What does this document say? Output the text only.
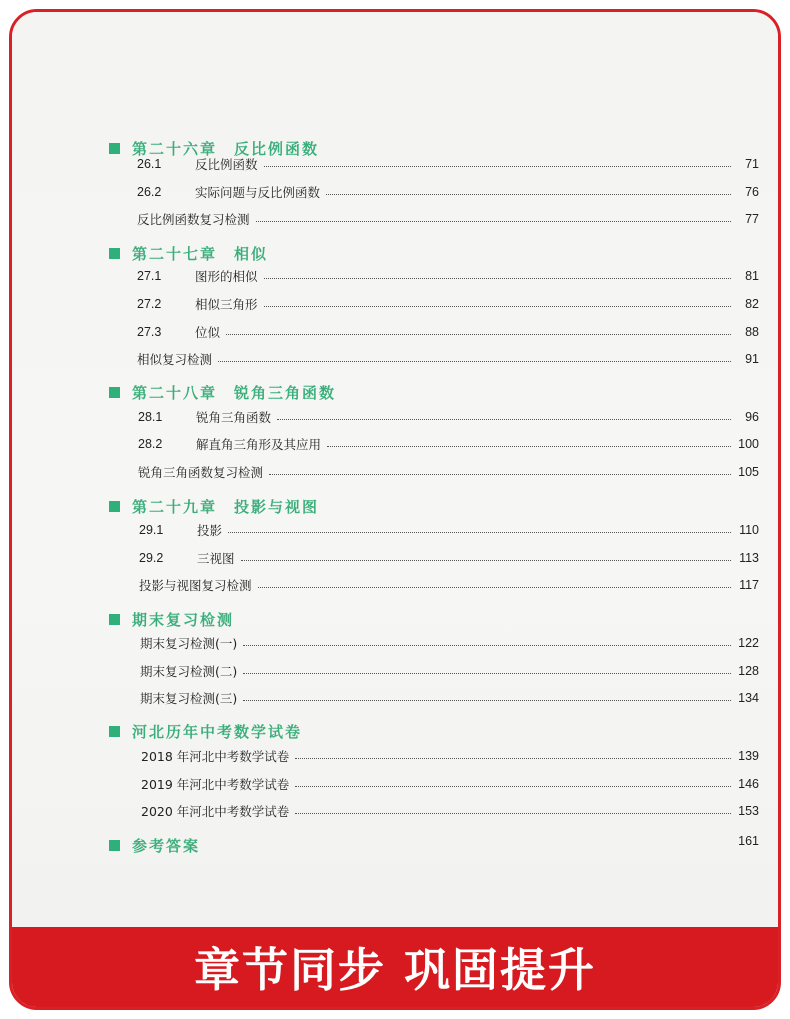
第二十六章　反比例函数
26.1	反比例函数	71
26.2	实际问题与反比例函数	76
反比例函数复习检测	77
第二十七章　相似
27.1	图形的相似	81
27.2	相似三角形	82
27.3	位似	88
相似复习检测	91
第二十八章　锐角三角函数
28.1	锐角三角函数	96
28.2	解直角三角形及其应用	100
锐角三角函数复习检测	105
第二十九章　投影与视图
29.1	投影	110
29.2	三视图	113
投影与视图复习检测	117
期末复习检测
期末复习检测(一)	122
期末复习检测(二)	128
期末复习检测(三)	134
河北历年中考数学试卷
2018 年河北中考数学试卷	139
2019 年河北中考数学试卷	146
2020 年河北中考数学试卷	153
参考答案	161
章节同步 巩固提升
